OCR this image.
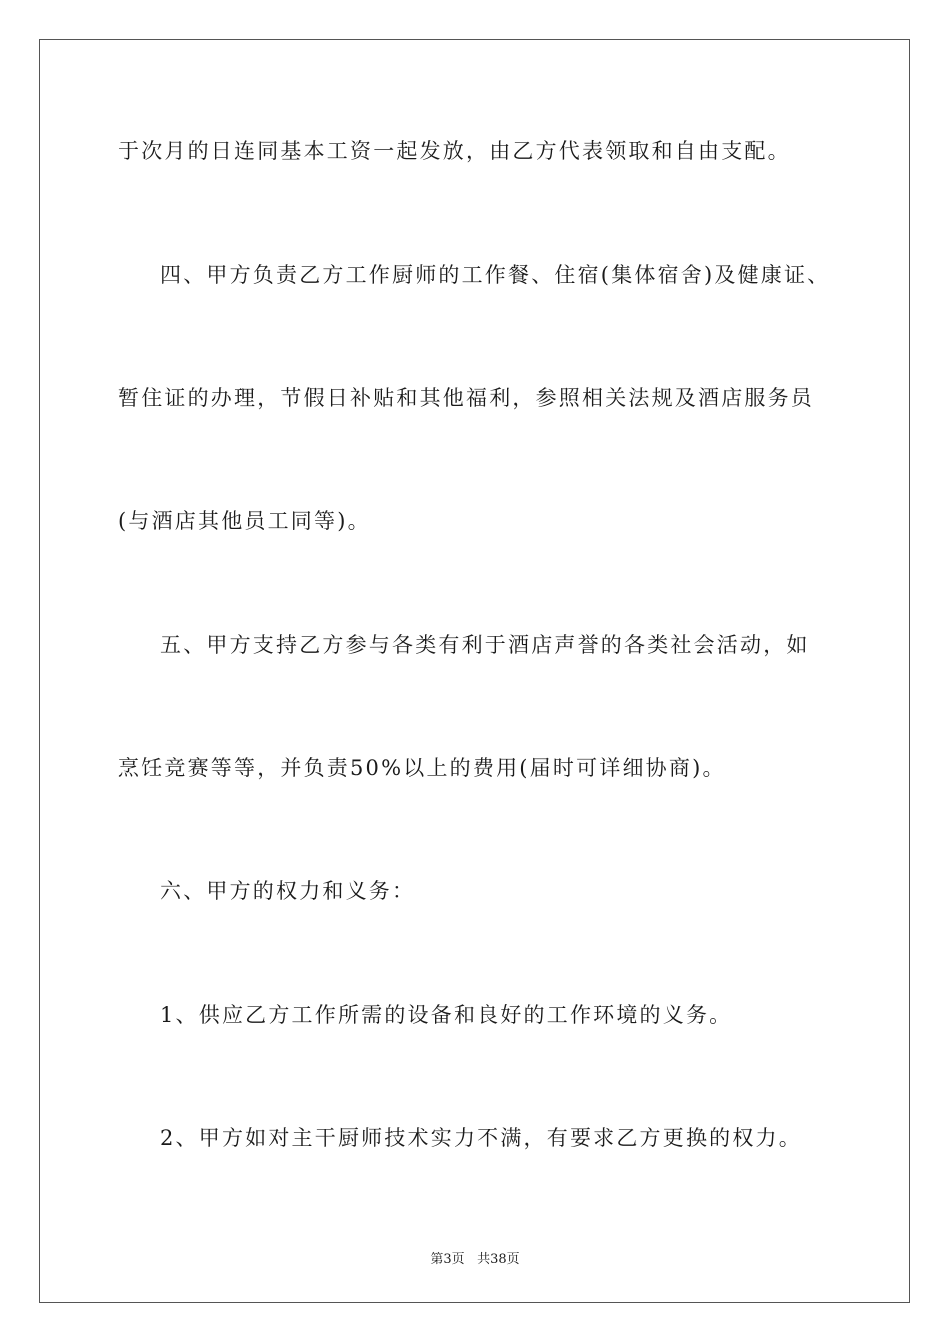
于次月的日连同基本工资一起发放，由乙方代表领取和自由支配。
四、甲方负责乙方工作厨师的工作餐、住宿(集体宿舍)及健康证、
暂住证的办理，节假日补贴和其他福利，参照相关法规及酒店服务员
(与酒店其他员工同等)。
五、甲方支持乙方参与各类有利于酒店声誉的各类社会活动，如
烹饪竞赛等等，并负责50%以上的费用(届时可详细协商)。
六、甲方的权力和义务：
1、供应乙方工作所需的设备和良好的工作环境的义务。
2、甲方如对主干厨师技术实力不满，有要求乙方更换的权力。
第3页 共38页
